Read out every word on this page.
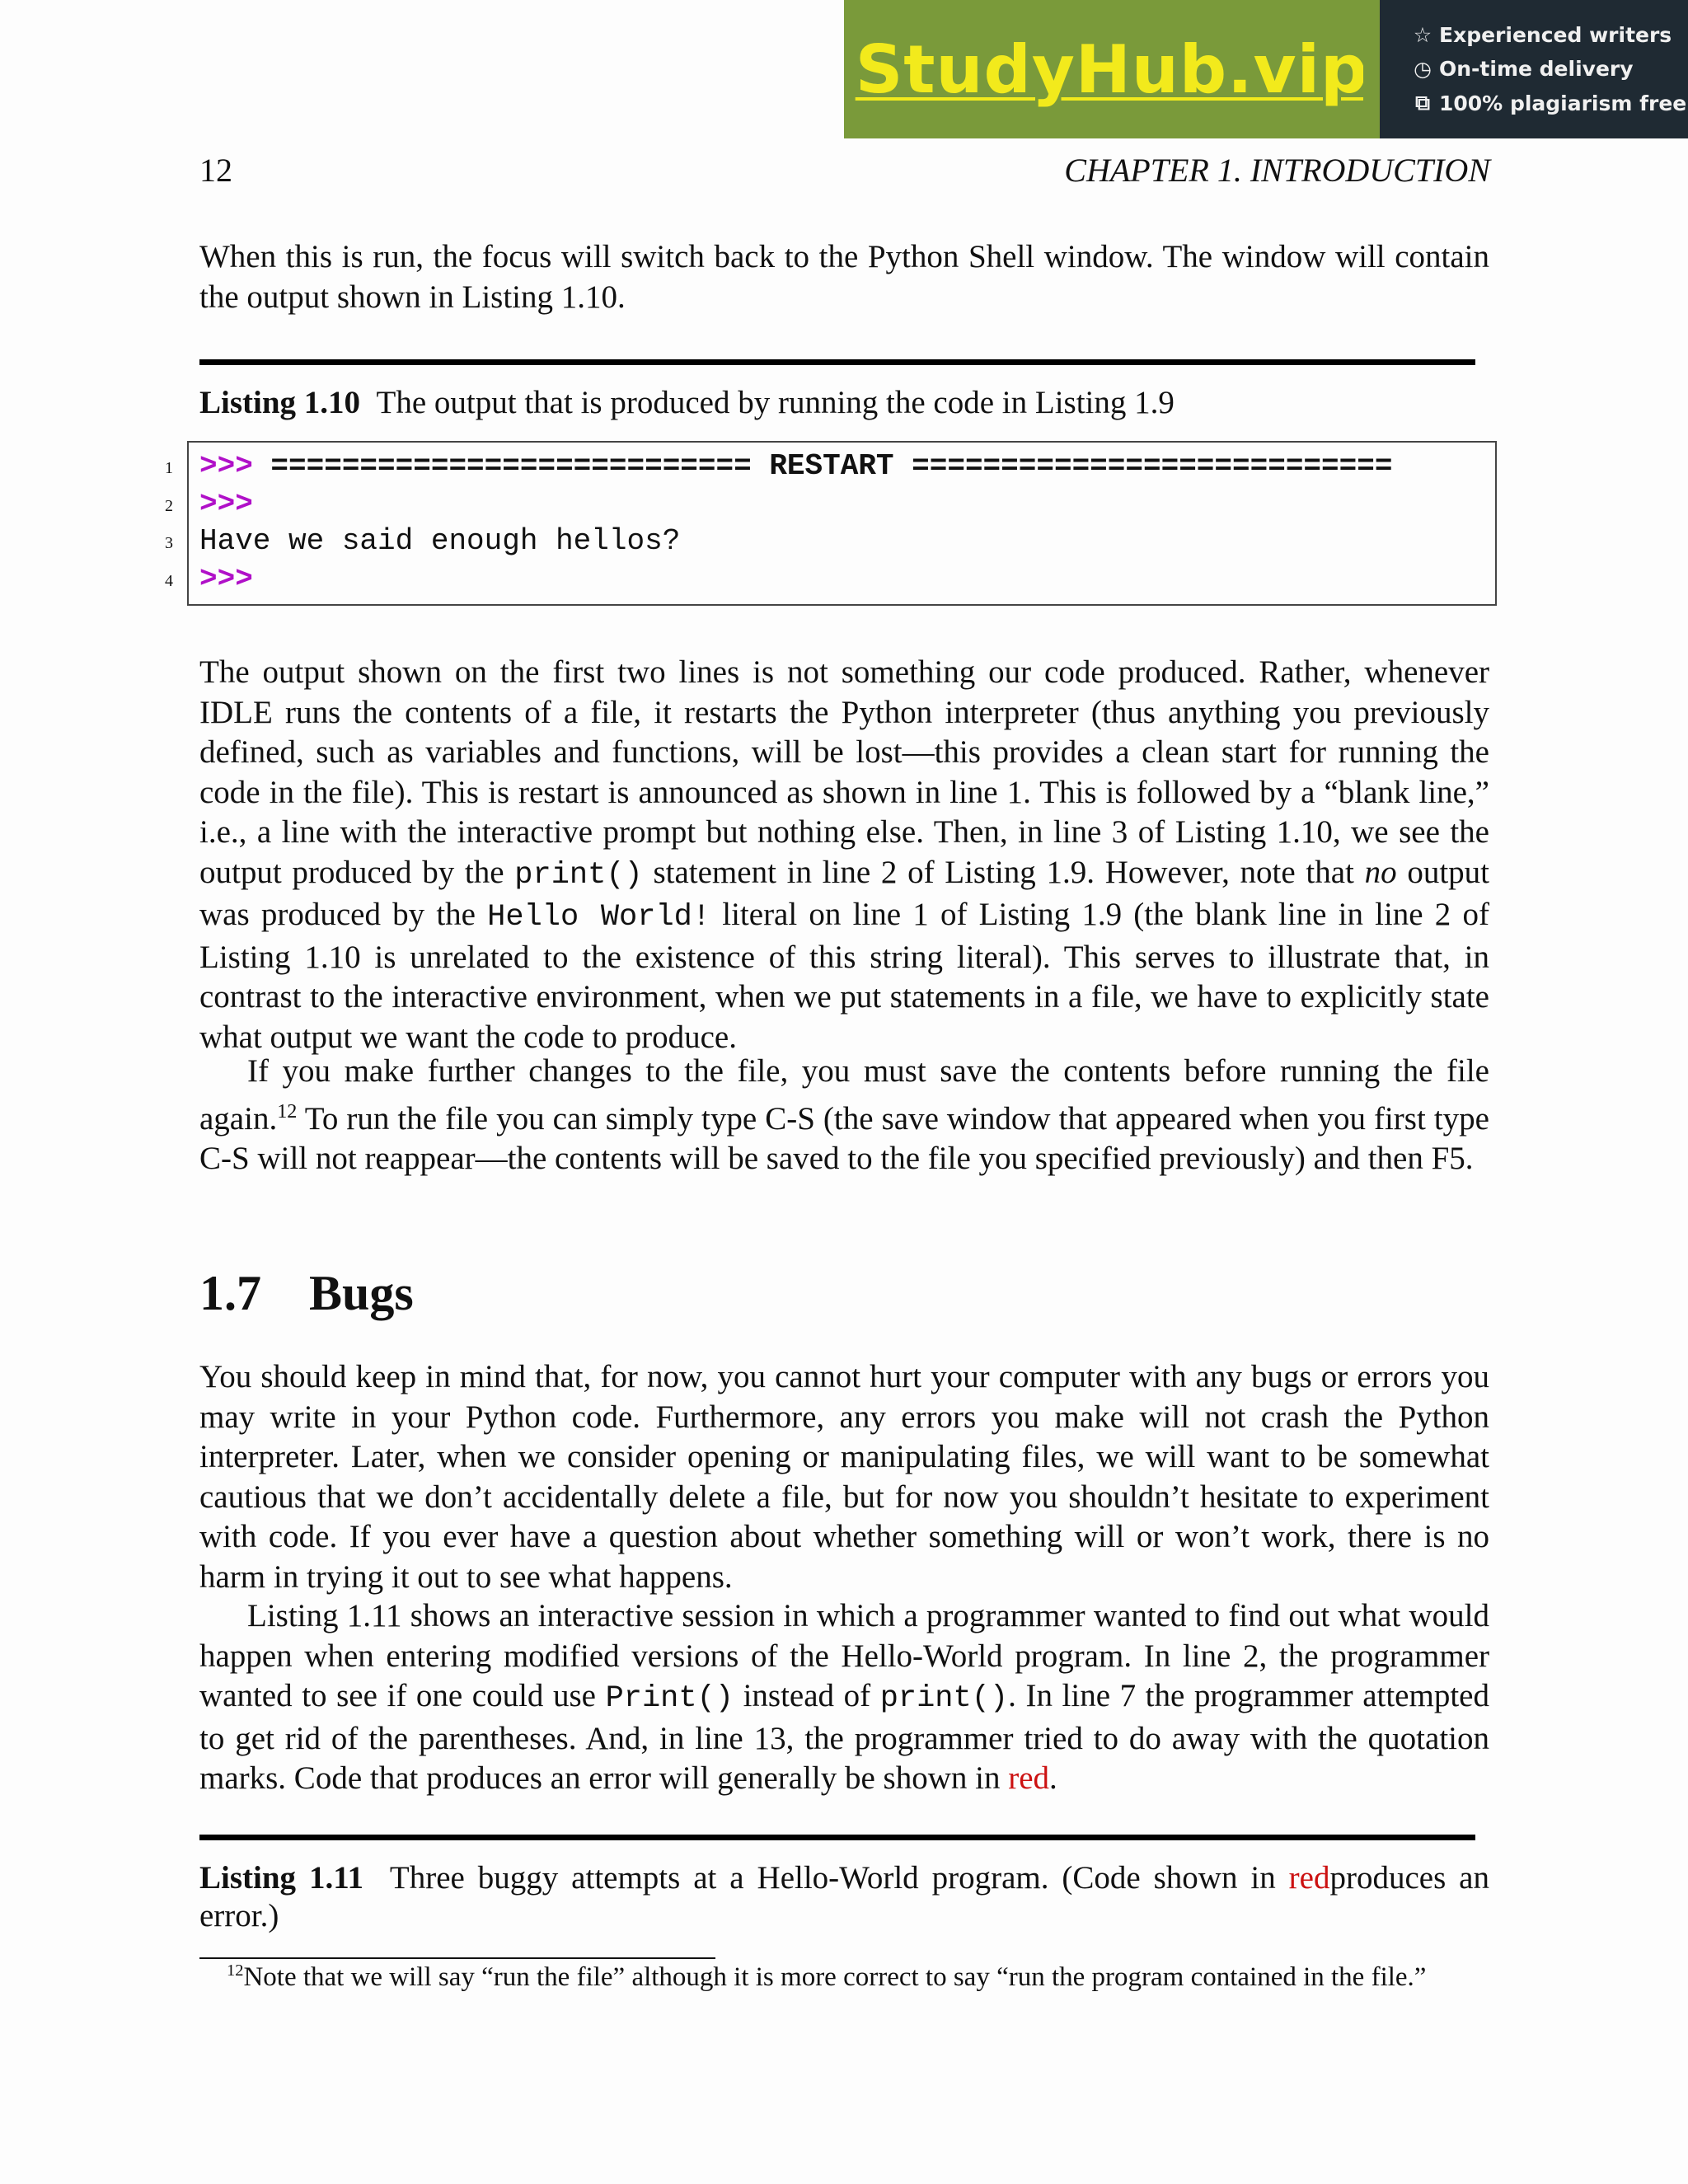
StudyHub.vip ☆ Experienced writers
◷ On-time delivery
⧉ 100% plagiarism free
12	CHAPTER 1. INTRODUCTION
When this is run, the focus will switch back to the Python Shell window. The window will contain the output shown in Listing 1.10.
Listing 1.10 The output that is produced by running the code in Listing 1.9
1
2
3
4
>>> =========================== RESTART ===========================
>>>
Have we said enough hellos?
>>>
The output shown on the first two lines is not something our code produced. Rather, whenever IDLE runs the contents of a file, it restarts the Python interpreter (thus anything you previously defined, such as variables and functions, will be lost—this provides a clean start for running the code in the file). This is restart is announced as shown in line 1. This is followed by a “blank line,” i.e., a line with the interactive prompt but nothing else. Then, in line 3 of Listing 1.10, we see the output produced by the print() statement in line 2 of Listing 1.9. However, note that no output was produced by the Hello World! literal on line 1 of Listing 1.9 (the blank line in line 2 of Listing 1.10 is unrelated to the existence of this string literal). This serves to illustrate that, in contrast to the interactive environment, when we put statements in a file, we have to explicitly state what output we want the code to produce.
If you make further changes to the file, you must save the contents before running the file again.$^{12}$ To run the file you can simply type C-S (the save window that appeared when you first type C-S will not reappear—the contents will be saved to the file you specified previously) and then F5.
1.7 Bugs
You should keep in mind that, for now, you cannot hurt your computer with any bugs or errors you may write in your Python code. Furthermore, any errors you make will not crash the Python interpreter. Later, when we consider opening or manipulating files, we will want to be somewhat cautious that we don’t accidentally delete a file, but for now you shouldn’t hesitate to experiment with code. If you ever have a question about whether something will or won’t work, there is no harm in trying it out to see what happens.
Listing 1.11 shows an interactive session in which a programmer wanted to find out what would happen when entering modified versions of the Hello-World program. In line 2, the programmer wanted to see if one could use Print() instead of print(). In line 7 the programmer attempted to get rid of the parentheses. And, in line 13, the programmer tried to do away with the quotation marks. Code that produces an error will generally be shown in red.
Listing 1.11 Three buggy attempts at a Hello-World program. (Code shown in redproduces an error.)
$^{12}$Note that we will say “run the file” although it is more correct to say “run the program contained in the file.”
